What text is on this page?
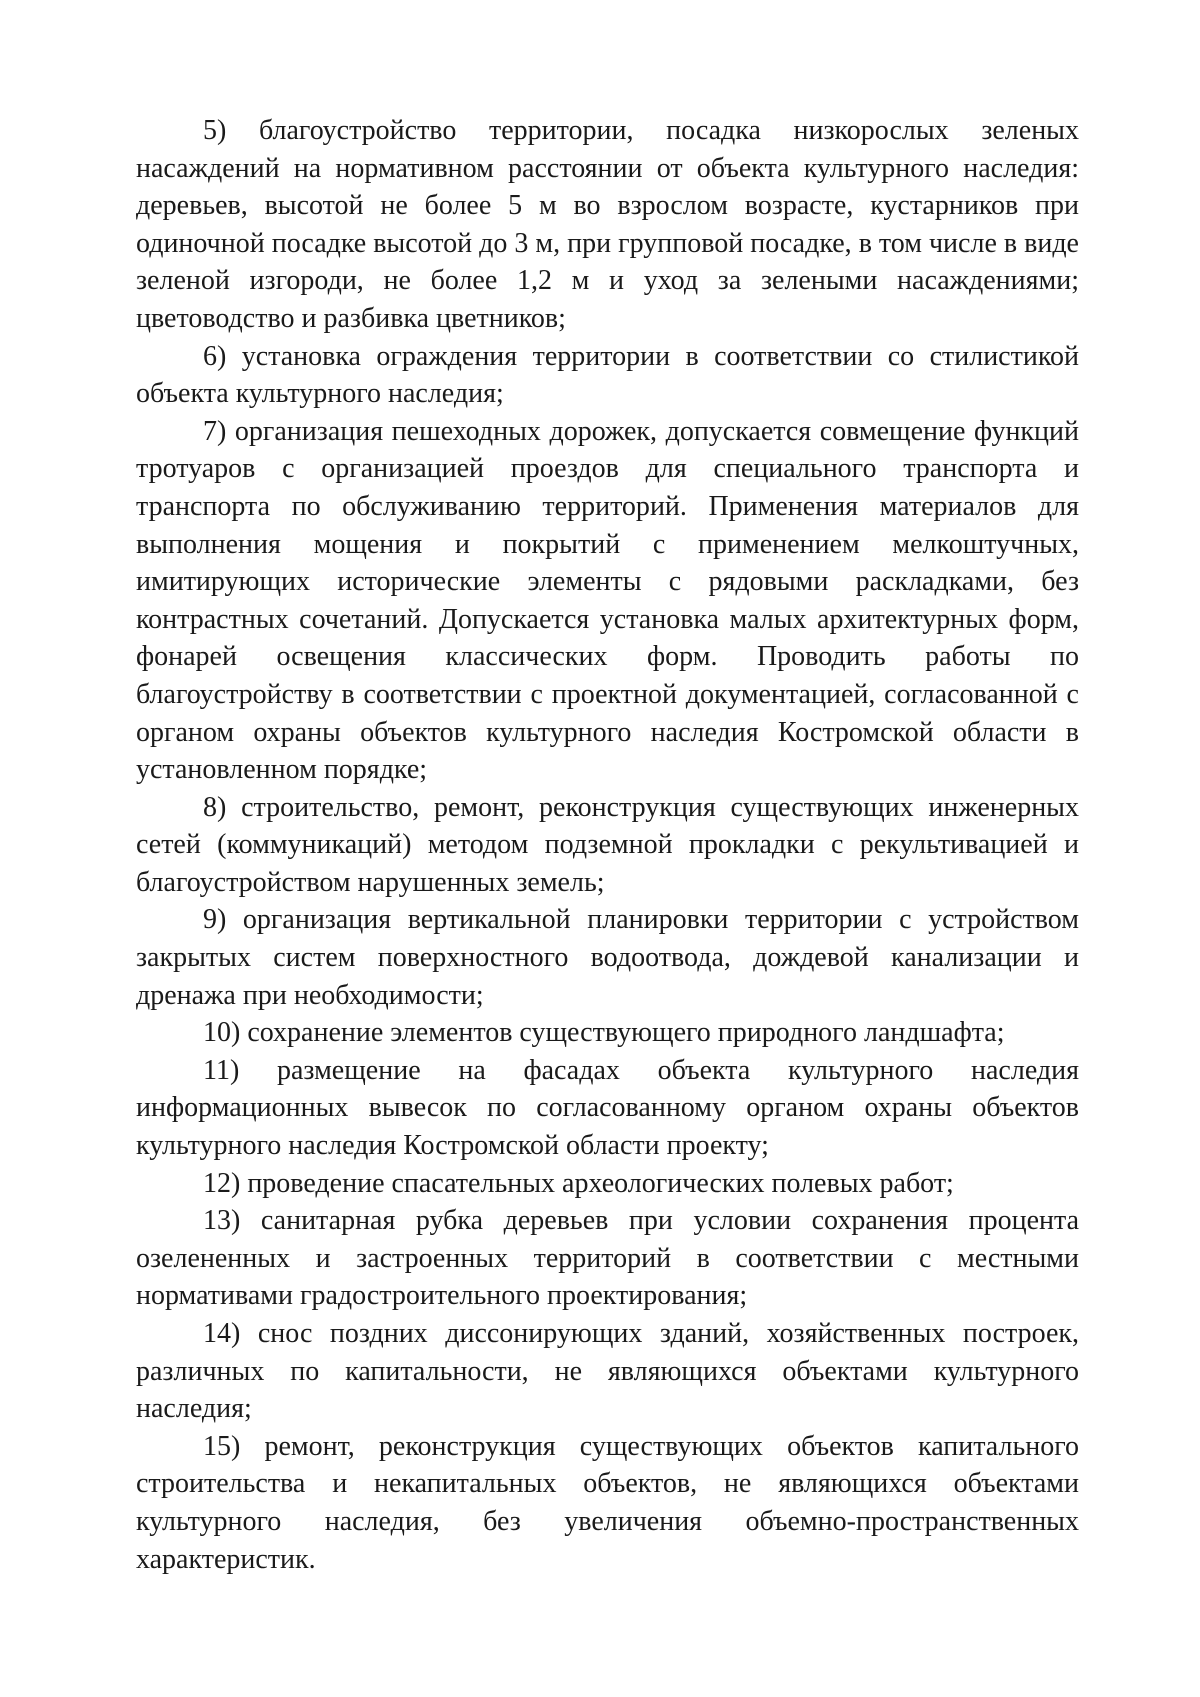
5) благоустройство территории, посадка низкорослых зеленых насаждений на нормативном расстоянии от объекта культурного наследия: деревьев, высотой не более 5 м во взрослом возрасте, кустарников при одиночной посадке высотой до 3 м, при групповой посадке, в том числе в виде зеленой изгороди, не более 1,2 м и уход за зелеными насаждениями; цветоводство и разбивка цветников;

6) установка ограждения территории в соответствии со стилистикой объекта культурного наследия;

7) организация пешеходных дорожек, допускается совмещение функций тротуаров с организацией проездов для специального транспорта и транспорта по обслуживанию территорий. Применения материалов для выполнения мощения и покрытий с применением мелкоштучных, имитирующих исторические элементы с рядовыми раскладками, без контрастных сочетаний. Допускается установка малых архитектурных форм, фонарей освещения классических форм. Проводить работы по благоустройству в соответствии с проектной документацией, согласованной с органом охраны объектов культурного наследия Костромской области в установленном порядке;

8) строительство, ремонт, реконструкция существующих инженерных сетей (коммуникаций) методом подземной прокладки с рекультивацией и благоустройством нарушенных земель;

9) организация вертикальной планировки территории с устройством закрытых систем поверхностного водоотвода, дождевой канализации и дренажа при необходимости;

10) сохранение элементов существующего природного ландшафта;

11) размещение на фасадах объекта культурного наследия информационных вывесок по согласованному органом охраны объектов культурного наследия Костромской области проекту;

12) проведение спасательных археологических полевых работ;

13) санитарная рубка деревьев при условии сохранения процента озелененных и застроенных территорий в соответствии с местными нормативами градостроительного проектирования;

14) снос поздних диссонирующих зданий, хозяйственных построек, различных по капитальности, не являющихся объектами культурного наследия;

15) ремонт, реконструкция существующих объектов капитального строительства и некапитальных объектов, не являющихся объектами культурного наследия, без увеличения объемно-пространственных характеристик.
